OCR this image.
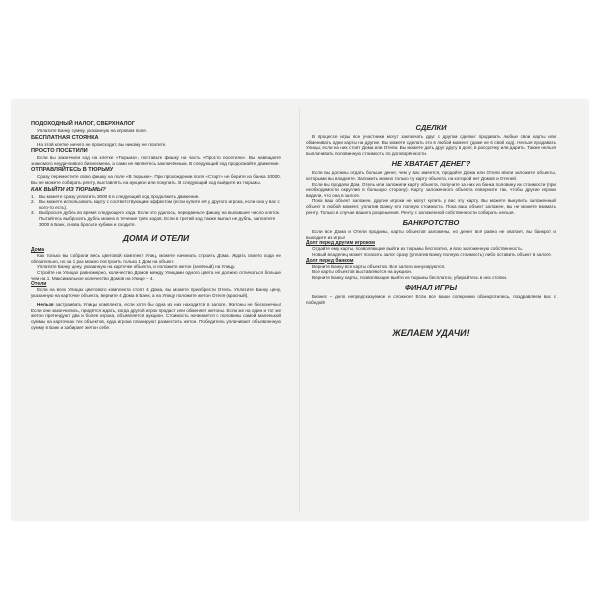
ПОДОХОДНЫЙ НАЛОГ, СВЕРХНАЛОГ

Уплатите Банку сумму, указанную на игровом поле.

БЕСПЛАТНАЯ СТОЯНКА

На этой клетке ничего не происходит, вы никому не платите.

ПРОСТО ПОСЕТИЛИ

Если вы закончили ход на клетке «Тюрьма», поставьте фишку на часть «Просто посетили». Вы навещаете знакомого неудачливого бизнесмена, а сами не являетесь заключённым. В следующий ход продолжайте движение.

ОТПРАВЛЯЙТЕСЬ В ТЮРЬМУ

Сразу переместите свою фишку на поле «В тюрьме». При прохождении поля «Старт» не берите из банка 10000. Вы не можете собирать ренту, выставлять на аукцион или покупать. В следующий ход выйдите из тюрьмы.

КАК ВЫЙТИ ИЗ ТЮРЬМЫ?
1. Вы можете сразу уплатить 3000 в в следующий ход продолжить движение.
2. Вы можете использовать карту с соответствующим эффектом (если купите её у другого игрока, если она у вас с кого-то есть).
3. Выбросьте дубль во время следующего хода. Если это удалось, передвиньте фишку на выпавшее число клеток. Пытайтесь выбросить дубль можно в течение трёх ходов. Если в третий ход также выпал не дубль, заплатите 3000 в Банк, снова бросьте кубики и сходите.
ДОМА И ОТЕЛИ
Дома

Как только вы собрали весь цветовой комплект Улиц, можете начинать строить Дома. Ждать своего хода не обязательно, но за 1 раз можно построить только 1 Дом на объект.

Уплатите Банку цену, указанную на карточке объекта, и положите жетон (зелёный) на Улицу.

Стройте на Улицах равномерно, количество Домов между Улицами одного цвета не должно отличаться больше чем на 1. Максимальное количество Домов на Улице – 4.

Отели

Если на всех Улицах цветового комплекта стоят 4 Дома, вы можете приобрести Отель. Уплатите Банку цену, указанную на карточке объекта, верните 4 Дома в Банк, а на Улицу положите жетон Отеля (красный).

Нельзя застраивать Улицы комплекта, если хотя бы одна из них находится в залоге. Жетоны не бесконечны! Если они закончились, придётся ждать, когда другой игрок продаст или обменяет жетоны. Если же на один и тот же жетон претендуют два и более игрока, объявляется аукцион. Стоимость начинается с половины самой маленькой суммы на карточках тех объектов, куда игроки планируют разместить жетон. Победитель уплачивает объявленную сумму в Банк и забирает жетон себе.

СДЕЛКИ

В процессе игры все участники могут заключать друг с другом сделки: продавать любые свои карты или обменивать одни карты на другие. Вы можете сделать это в любой момент (даже не в свой ход). Нельзя продавать Улицы, если на них стоят Дома или Отели. Вы можете дать друг другу в долг, в рассрочку или дарить. Также нельзя выплачивать половинную стоимость по договорённости.

НЕ ХВАТАЕТ ДЕНЕГ?

Если вы должны отдать больше денег, чем у вас имеется, продайте Дома или Отели и/или заложите объекты, которыми вы владеете. Заложить можно только ту карту объекта, на которой нет Домов и Отелей.

Если вы продали Дом, Отель или заложили карту объекта, получите за них из банка половину их стоимости (при необходимости округлив в большую сторону). Карту заложенного объекта поверните так, чтобы другие игроки видели, что она в залоге.

Пока ваш объект заложен, другие игроки не могут купить у вас эту карту. Вы можете выкупить заложенный объект в любой момент, уплатив Банку его полную стоимость. Пока ваш объект заложен, вы не можете взимать ренту. Только в случае вашего разрешения. Ренту с заложенной собственности собирать нельзя.

БАНКРОТСТВО

Если все Дома и Отели проданы, карты объектов заложены, но денег всё равно не хватает, вы банкрот и выходите из игры!

Долг перед другим игроком

Отдайте ему карты, позволяющие выйти из тюрьмы бесплатно, и всю заложенную собственность.

Новый владелец может погасить залог сразу (уплатив Банку полную стоимость) либо оставить объект в залоге.

Долг перед банком

Верните Банку все карты объектов. Все залоги аннулируются.

Все карты объектов выставляются на аукцион.

Верните Банку карты, позволяющие выйти из тюрьмы бесплатно, убирайтесь в низ стопки.

ФИНАЛ ИГРЫ

Бизнес – дело непредсказуемое и сложное! Если все ваши соперники обанкротились, поздравляем вас с победой!

ЖЕЛАЕМ УДАЧИ!
